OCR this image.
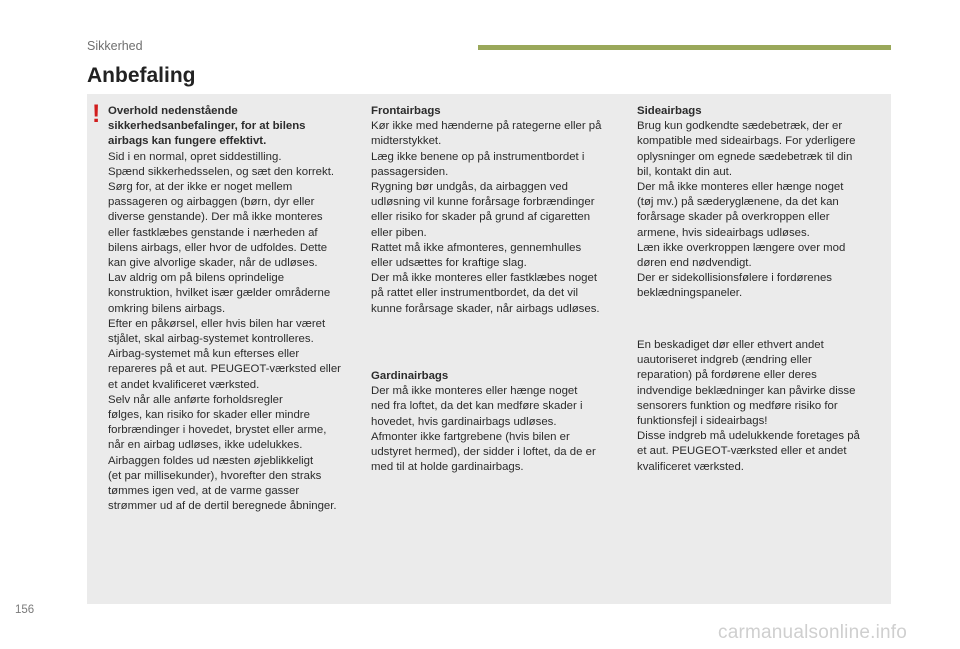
Sikkerhed
Anbefaling
! Overhold nedenstående
sikkerhedsanbefalinger, for at bilens
airbags kan fungere effektivt.

Sid i en normal, opret siddestilling.
Spænd sikkerhedsselen, og sæt den korrekt.
Sørg for, at der ikke er noget mellem
passageren og airbaggen (børn, dyr eller
diverse genstande). Der må ikke monteres
eller fastklæbes genstande i nærheden af
bilens airbags, eller hvor de udfoldes. Dette
kan give alvorlige skader, når de udløses.
Lav aldrig om på bilens oprindelige
konstruktion, hvilket især gælder områderne
omkring bilens airbags.
Efter en påkørsel, eller hvis bilen har været
stjålet, skal airbag-systemet kontrolleres.
Airbag-systemet må kun efterses eller
repareres på et aut. PEUGEOT-værksted eller
et andet kvalificeret værksted.
Selv når alle anførte forholdsregler
følges, kan risiko for skader eller mindre
forbrændinger i hovedet, brystet eller arme,
når en airbag udløses, ikke udelukkes.
Airbaggen foldes ud næsten øjeblikkeligt
(et par millisekunder), hvorefter den straks
tømmes igen ved, at de varme gasser
strømmer ud af de dertil beregnede åbninger.

Frontairbags

Kør ikke med hænderne på rategerne eller på
midterstykket.
Læg ikke benene op på instrumentbordet i
passagersiden.
Rygning bør undgås, da airbaggen ved
udløsning vil kunne forårsage forbrændinger
eller risiko for skader på grund af cigaretten
eller piben.
Rattet må ikke afmonteres, gennemhulles
eller udsættes for kraftige slag.
Der må ikke monteres eller fastklæbes noget
på rattet eller instrumentbordet, da det vil
kunne forårsage skader, når airbags udløses.

Gardinairbags

Der må ikke monteres eller hænge noget
ned fra loftet, da det kan medføre skader i
hovedet, hvis gardinairbags udløses.
Afmonter ikke fartgrebene (hvis bilen er
udstyret hermed), der sidder i loftet, da de er
med til at holde gardinairbags.

Sideairbags

Brug kun godkendte sædebetræk, der er
kompatible med sideairbags. For yderligere
oplysninger om egnede sædebetræk til din
bil, kontakt din aut.
Der må ikke monteres eller hænge noget
(tøj mv.) på sæderyglænene, da det kan
forårsage skader på overkroppen eller
armene, hvis sideairbags udløses.
Læn ikke overkroppen længere over mod
døren end nødvendigt.
Der er sidekollisionsfølere i fordørenes
beklædningspaneler.

En beskadiget dør eller ethvert andet
uautoriseret indgreb (ændring eller
reparation) på fordørene eller deres
indvendige beklædninger kan påvirke disse
sensorers funktion og medføre risiko for
funktionsfejl i sideairbags!
Disse indgreb må udelukkende foretages på
et aut. PEUGEOT-værksted eller et andet
kvalificeret værksted.

156
carmanualsonline.info
